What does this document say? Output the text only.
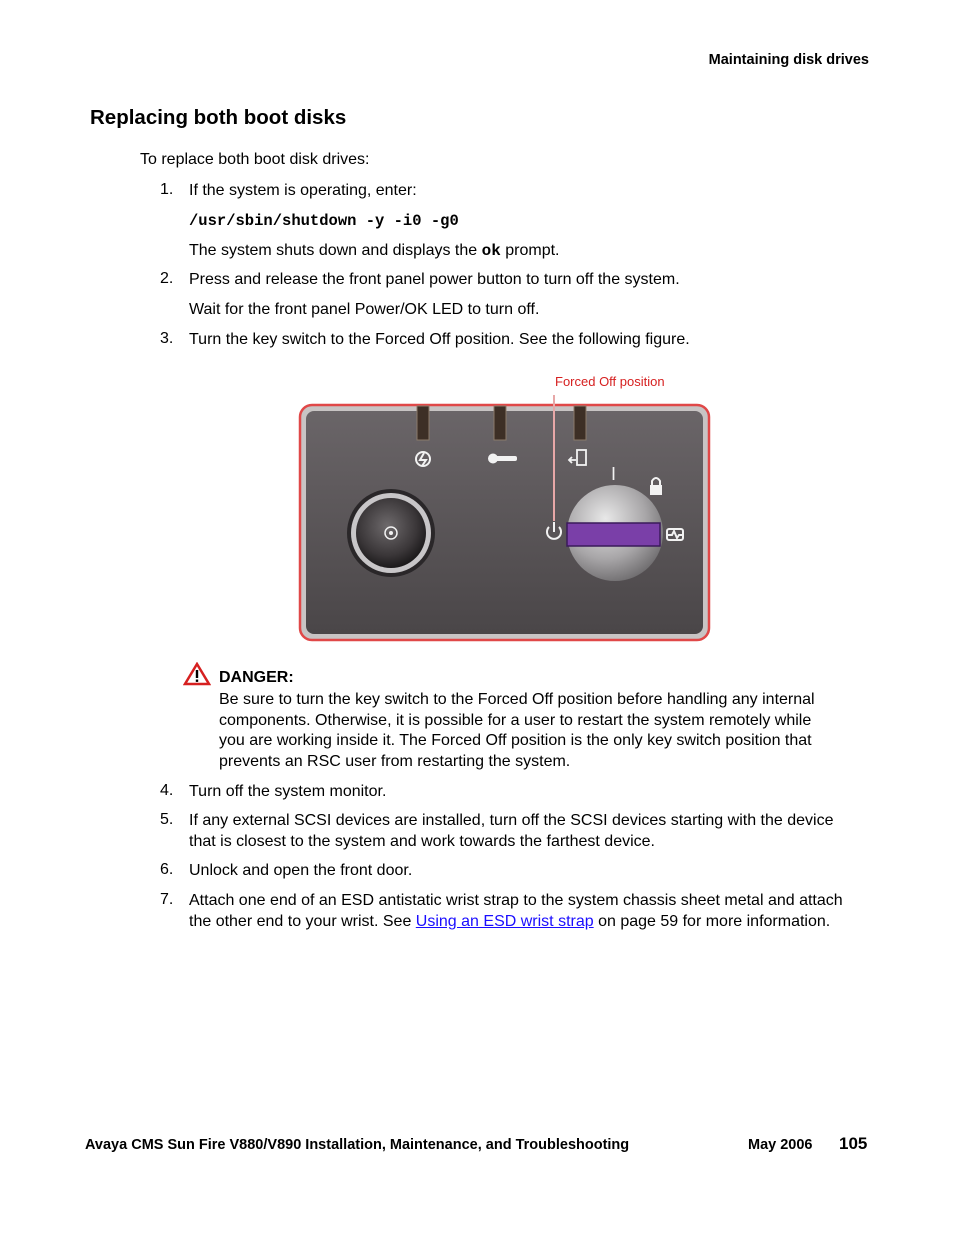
Maintaining disk drives
Replacing both boot disks
To replace both boot disk drives:
1. If the system is operating, enter:
/usr/sbin/shutdown -y -i0 -g0
The system shuts down and displays the ok prompt.
2. Press and release the front panel power button to turn off the system.
Wait for the front panel Power/OK LED to turn off.
3. Turn the key switch to the Forced Off position. See the following figure.
I
Forced Off position
DANGER:
Be sure to turn the key switch to the Forced Off position before handling any internal components. Otherwise, it is possible for a user to restart the system remotely while you are working inside it. The Forced Off position is the only key switch position that prevents an RSC user from restarting the system.
4. Turn off the system monitor.
5. If any external SCSI devices are installed, turn off the SCSI devices starting with the device that is closest to the system and work towards the farthest device.
6. Unlock and open the front door.
7. Attach one end of an ESD antistatic wrist strap to the system chassis sheet metal and attach the other end to your wrist. See Using an ESD wrist strap on page 59 for more information.
Avaya CMS Sun Fire V880/V890 Installation, Maintenance, and Troubleshooting	May 2006 105
